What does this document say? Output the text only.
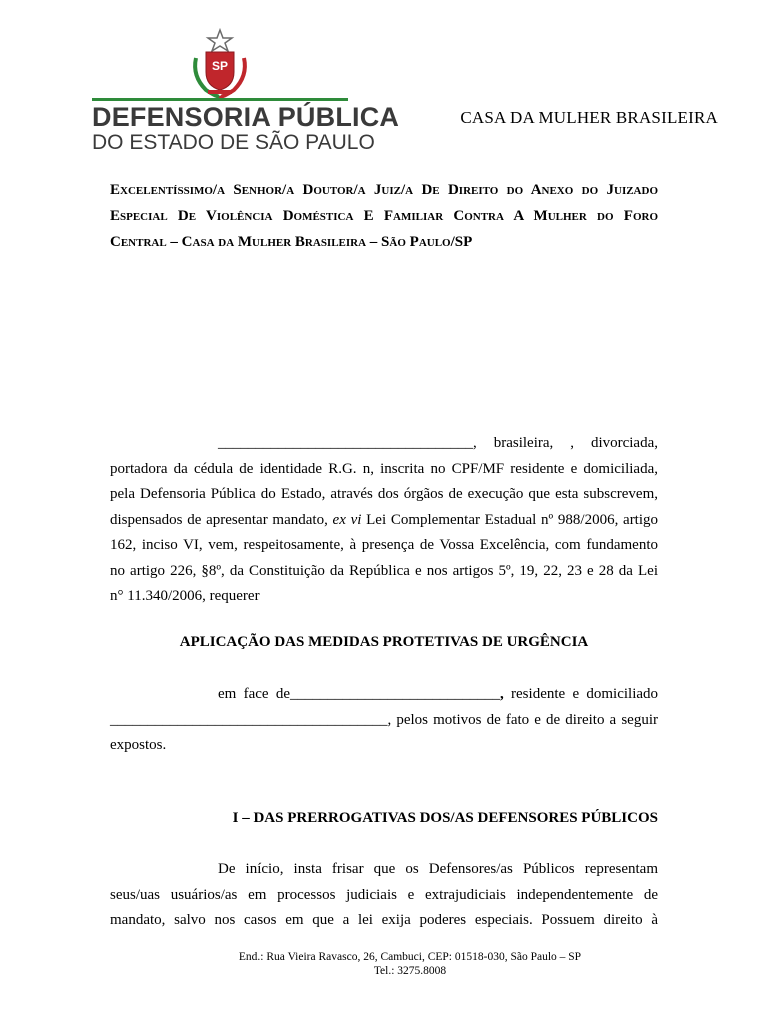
SP
DEFENSORIA PÚBLICA
DO ESTADO DE SÃO PAULO
CASA DA MULHER BRASILEIRA
Excelentíssimo/a Senhor/a Doutor/a Juiz/a De Direito do Anexo do Juizado
Especial De Violência Doméstica E Familiar Contra A Mulher do Foro
Central – Casa da Mulher Brasileira – São Paulo/SP
__________________________________, brasileira, , divorciada,
portadora da cédula de identidade R.G. n, inscrita no CPF/MF residente e domiciliada,
pela Defensoria Pública do Estado, através dos órgãos de execução que esta subscrevem,
dispensados de apresentar mandato, ex vi Lei Complementar Estadual nº 988/2006, artigo
162, inciso VI, vem, respeitosamente, à presença de Vossa Excelência, com fundamento
no artigo 226, §8º, da Constituição da República e nos artigos 5º, 19, 22, 23 e 28 da Lei
n° 11.340/2006, requerer
APLICAÇÃO DAS MEDIDAS PROTETIVAS DE URGÊNCIA
em face de____________________________, residente e domiciliado
_____________________________________, pelos motivos de fato e de direito a seguir
expostos.
I – DAS PRERROGATIVAS DOS/AS DEFENSORES PÚBLICOS
De início, insta frisar que os Defensores/as Públicos representam
seus/uas usuários/as em processos judiciais e extrajudiciais independentemente de
mandato, salvo nos casos em que a lei exija poderes especiais. Possuem direito à
End.: Rua Vieira Ravasco, 26, Cambuci, CEP: 01518-030, São Paulo – SP
Tel.: 3275.8008
